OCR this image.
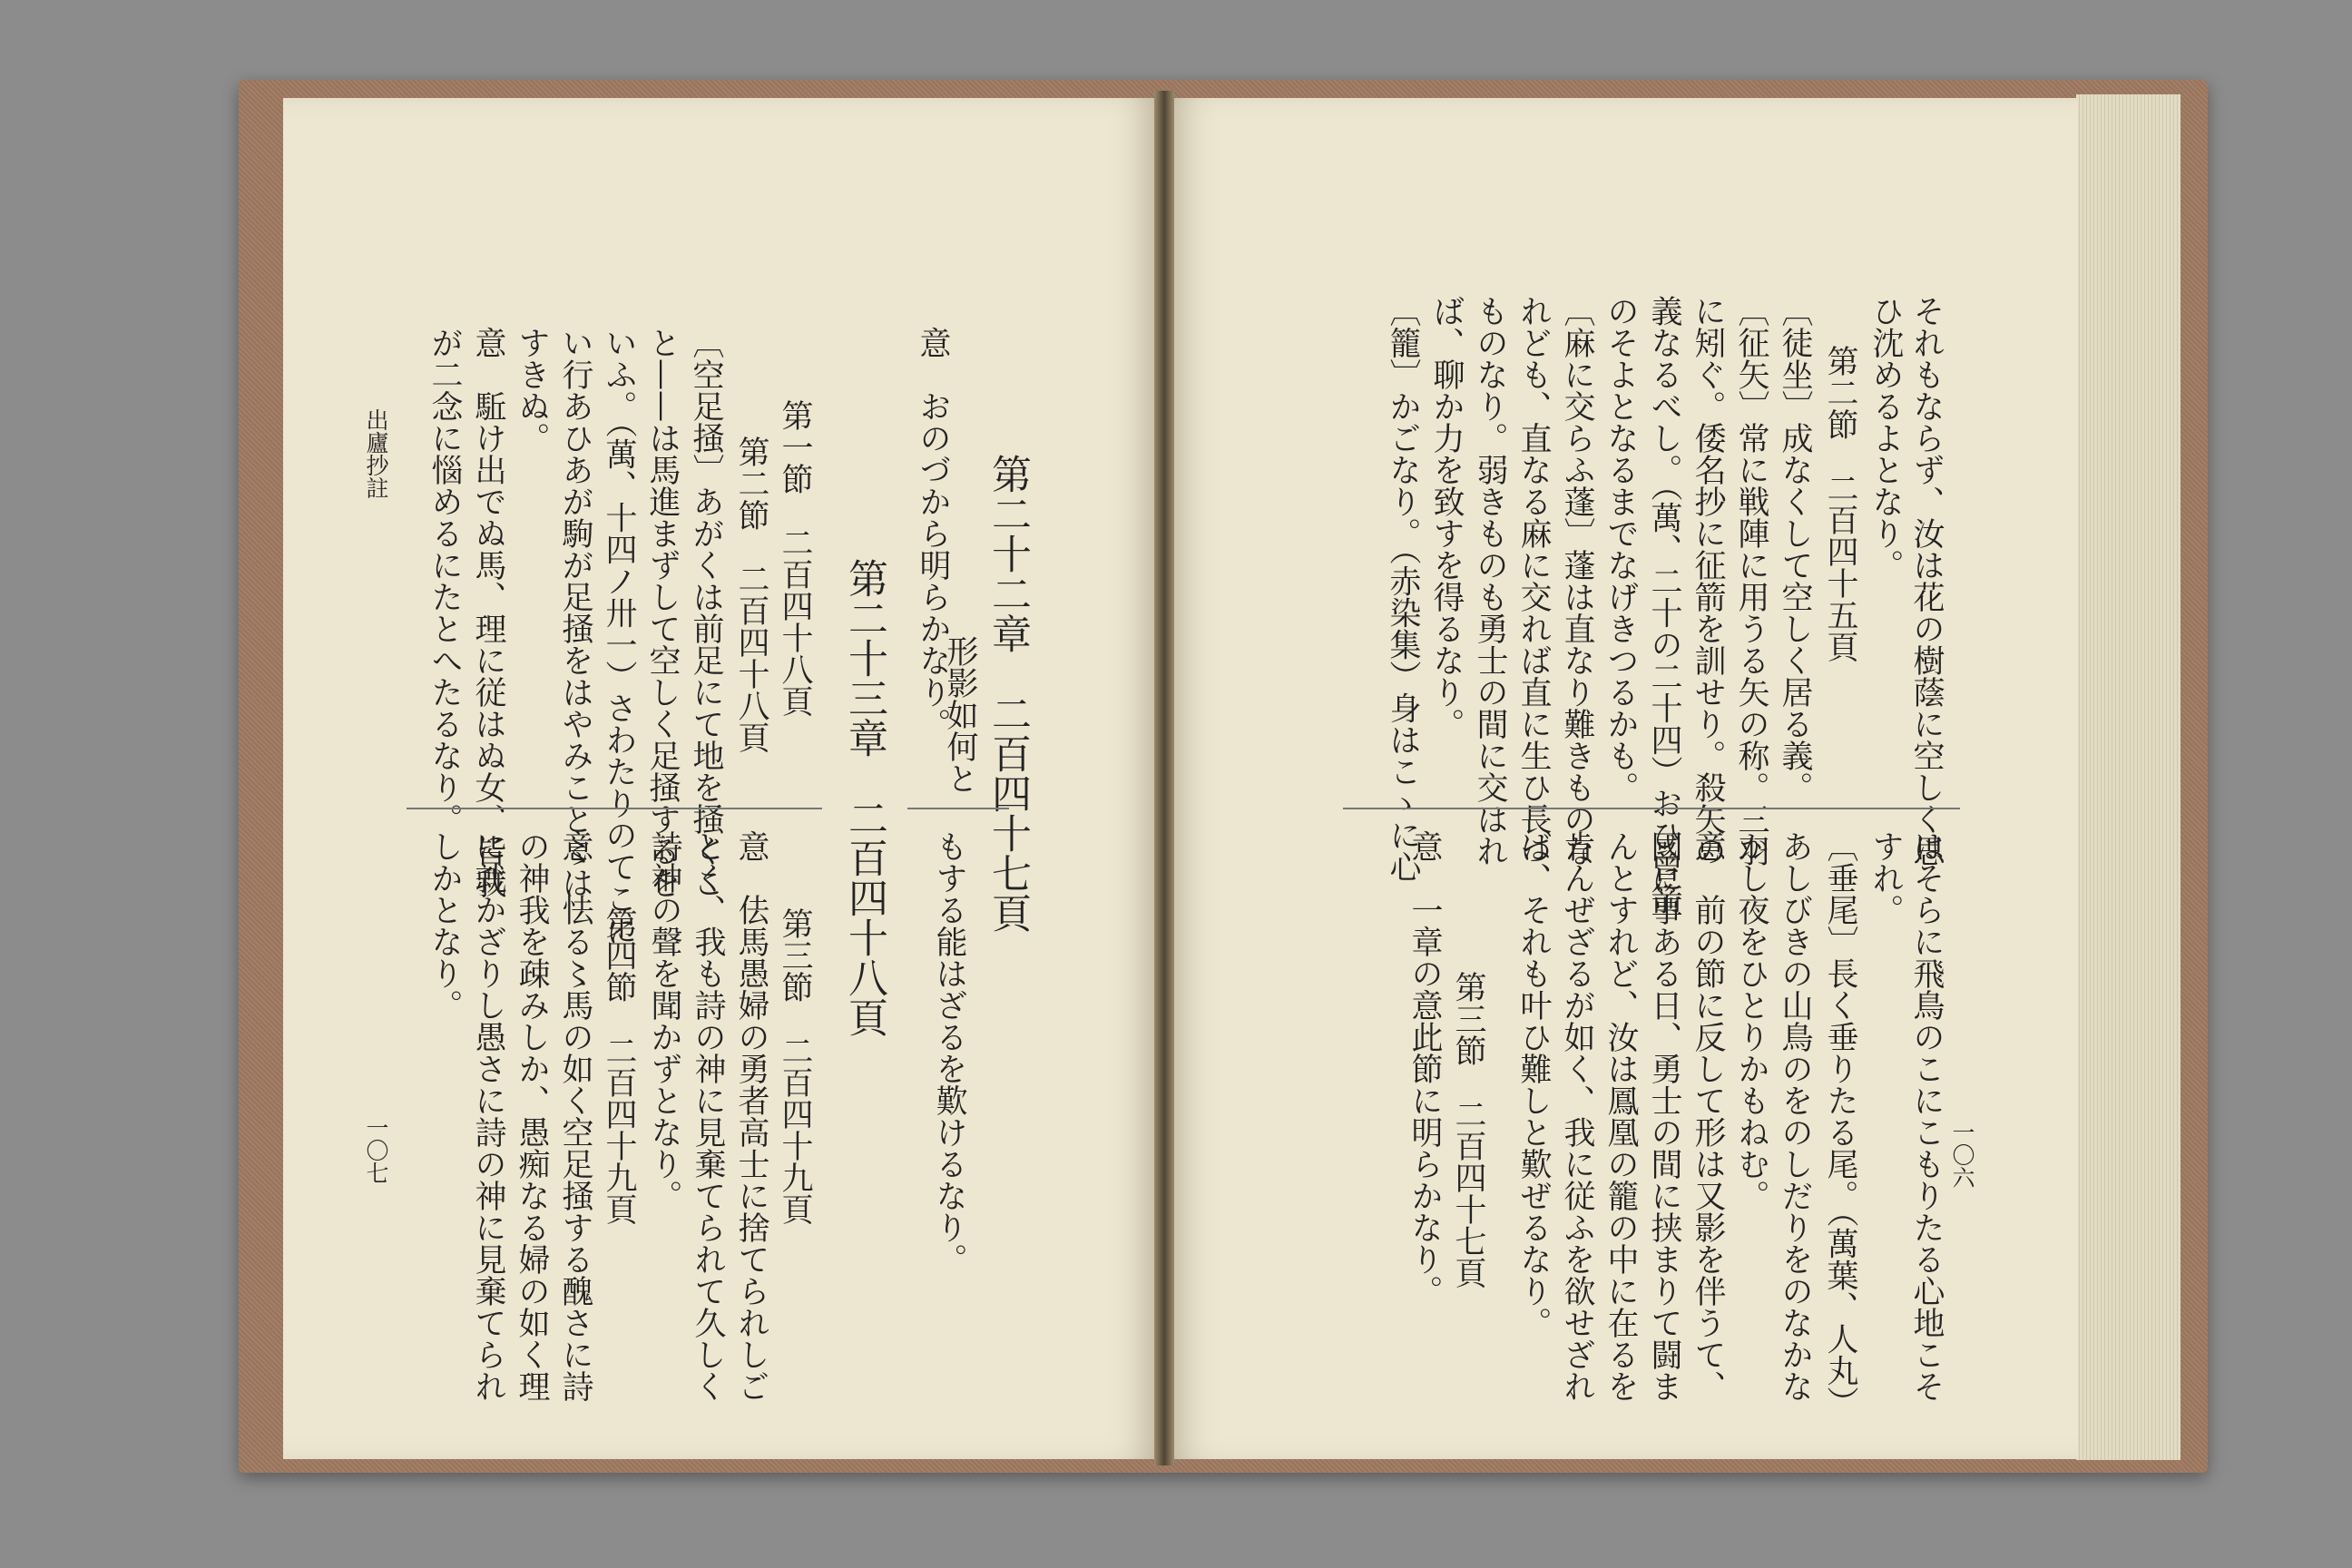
一〇六
それもならず、汝は花の樹蔭に空しく思
ひ沈めるよとなり。
第二節　二百四十五頁
〔徒坐〕成なくして空しく居る義。
〔征矢〕常に戦陣に用うる矢の称。三羽
に矧ぐ。倭名抄に征箭を訓せり。殺矢の
義なるべし。（萬、二十の二十四）おひ曾箭
のそよとなるまでなげきつるかも。
〔麻に交らふ蓬〕蓬は直なり難きものな
れども、直なる麻に交れば直に生ひ長つ
ものなり。弱きものも勇士の間に交はれ
ば、聊か力を致すを得るなり。
〔籠〕かごなり。（赤染集）身はこゝに心
はそらに飛鳥のこにこもりたる心地こそ
すれ。
〔垂尾〕長く垂りたる尾。（萬葉、人丸）
あしびきの山鳥のをのしだりをのなかな
かし夜をひとりかもねむ。
意　前の節に反して形は又影を伴うて、
國に事ある日、勇士の間に挟まりて闘ま
んとすれど、汝は鳳凰の籠の中に在るを
肯んぜざるが如く、我に従ふを欲せざれ
ば、それも叶ひ難しと歎ぜるなり。
第三節　二百四十七頁
意　一章の意此節に明らかなり。
出廬抄註
一〇七
意　おのづから明らかなり。 第二十二章　二百四十七頁
形影如何と
第二十三章　二百四十八頁
第一節　二百四十八頁
第二節　二百四十八頁
〔空足掻〕あがくは前足にて地を掻くこ
と——は馬進まずして空しく足掻するを
いふ。（萬、十四ノ卅一）さわたりのてこに
い行あひあが駒が足掻をはやみこと〻は
すきぬ。
意　駈け出でぬ馬、理に従はぬ女、皆我
が二念に惱めるにたとへたるなり。
もする能はざるを歎けるなり。
第三節　二百四十九頁
意　佉馬愚婦の勇者高士に捨てられしご
とく、我も詩の神に見棄てられて久しく
詩神の聲を聞かずとなり。
第四節　二百四十九頁
意　怯る〻馬の如く空足掻する醜さに詩
の神我を疎みしか、愚痴なる婦の如く理
に就かざりし愚さに詩の神に見棄てられ
しかとなり。
